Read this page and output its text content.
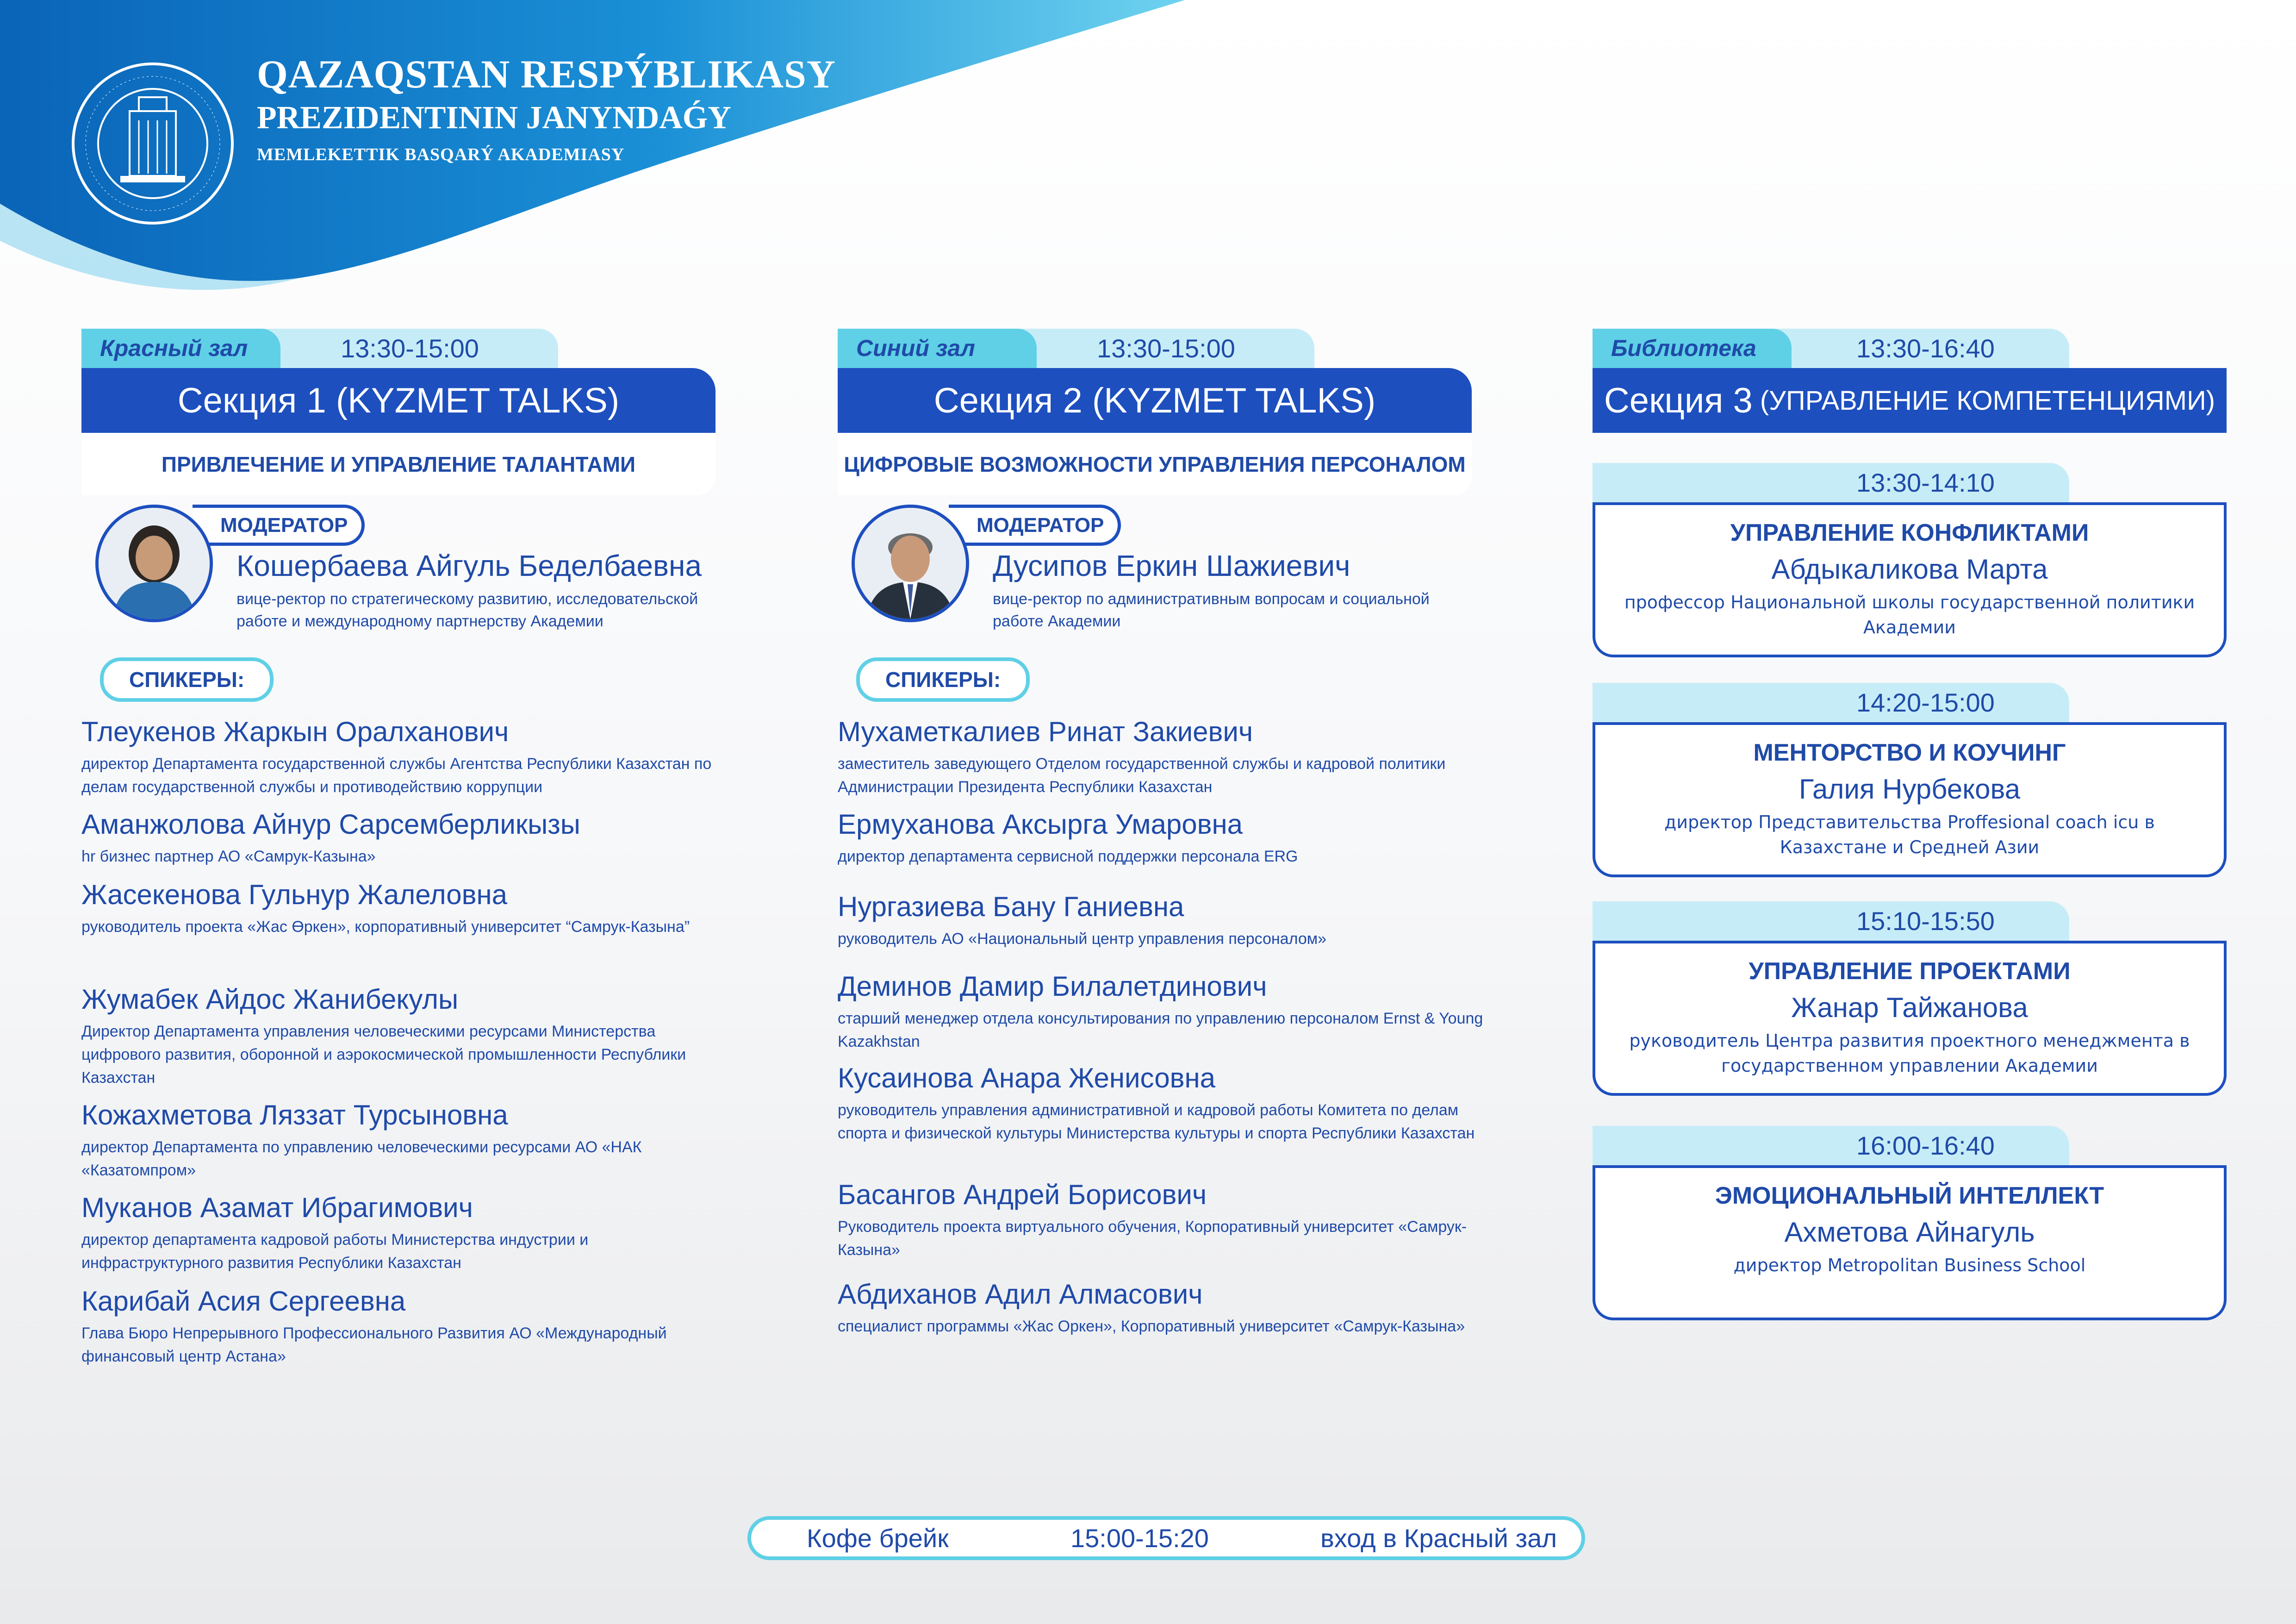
QAZAQSTAN RESPÝBLIKASY
PREZIDENTININ JANYNDAǴY
MEMLEKETTIK BASQARÝ AKADEMIASY
Красный зал	13:30-15:00
Секция 1 (KYZMET TALKS)
ПРИВЛЕЧЕНИЕ И УПРАВЛЕНИЕ ТАЛАНТАМИ
МОДЕРАТОР
Кошербаева Айгуль Беделбаевна
вице-ректор по стратегическому развитию, исследовательской работе и международному партнерству Академии
СПИКЕРЫ:
Тлеукенов Жаркын Оралханович
директор Департамента государственной службы Агентства Республики Казахстан по делам государственной службы и противодействию коррупции
Аманжолова Айнур Сарсемберликызы
hr бизнес партнер АО «Самрук-Казына»
Жасекенова Гульнур Жалеловна
руководитель проекта «Жас Өркен», корпоративный университет “Самрук-Казына”
Жумабек Айдос Жанибекулы
Директор Департамента управления человеческими ресурсами Министерства цифрового развития, оборонной и аэрокосмической промышленности Республики Казахстан
Кожахметова Ляззат Турсыновна
директор Департамента по управлению человеческими ресурсами АО «НАК «Казатомпром»
Муканов Азамат Ибрагимович
директор департамента кадровой работы Министерства индустрии и инфраструктурного развития Республики Казахстан
Карибай Асия Сергеевна
Глава Бюро Непрерывного Профессионального Развития АО «Международный финансовый центр Астана»
Синий зал	13:30-15:00
Секция 2 (KYZMET TALKS)
ЦИФРОВЫЕ ВОЗМОЖНОСТИ УПРАВЛЕНИЯ ПЕРСОНАЛОМ
МОДЕРАТОР
Дусипов Еркин Шажиевич
вице-ректор по административным вопросам и социальной работе Академии
СПИКЕРЫ:
Мухаметкалиев Ринат Закиевич
заместитель заведующего Отделом государственной службы и кадровой политики Администрации Президента Республики Казахстан
Ермуханова Аксырга Умаровна
директор департамента сервисной поддержки персонала ERG
Нургазиева Бану Ганиевна
руководитель АО «Национальный центр управления персоналом»
Деминов Дамир Билалетдинович
старший менеджер отдела консультирования по управлению персоналом Ernst & Young Kazakhstan
Кусаинова Анара Женисовна
руководитель управления административной и кадровой работы Комитета по делам спорта и физической культуры Министерства культуры и спорта Республики Казахстан
Басангов Андрей Борисович
Руководитель проекта виртуального обучения, Корпоративный университет «Самрук-Казына»
Абдиханов Адил Алмасович
специалист программы «Жас Оркен», Корпоративный университет «Самрук-Казына»
Библиотека	13:30-16:40
Секция 3 (УПРАВЛЕНИЕ КОМПЕТЕНЦИЯМИ)
13:30-14:10
УПРАВЛЕНИЕ КОНФЛИКТАМИ
Абдыкаликова Марта
профессор Национальной школы государственной политики Академии
14:20-15:00
МЕНТОРСТВО И КОУЧИНГ
Галия Нурбекова
директор Представительства Proffesional coach icu в Казахстане и Средней Азии
15:10-15:50
УПРАВЛЕНИЕ ПРОЕКТАМИ
Жанар Тайжанова
руководитель Центра развития проектного менеджмента в государственном управлении Академии
16:00-16:40
ЭМОЦИОНАЛЬНЫЙ ИНТЕЛЛЕКТ
Ахметова Айнагуль
директор Metropolitan Business School
Кофе брейк	15:00-15:20	вход в Красный зал
